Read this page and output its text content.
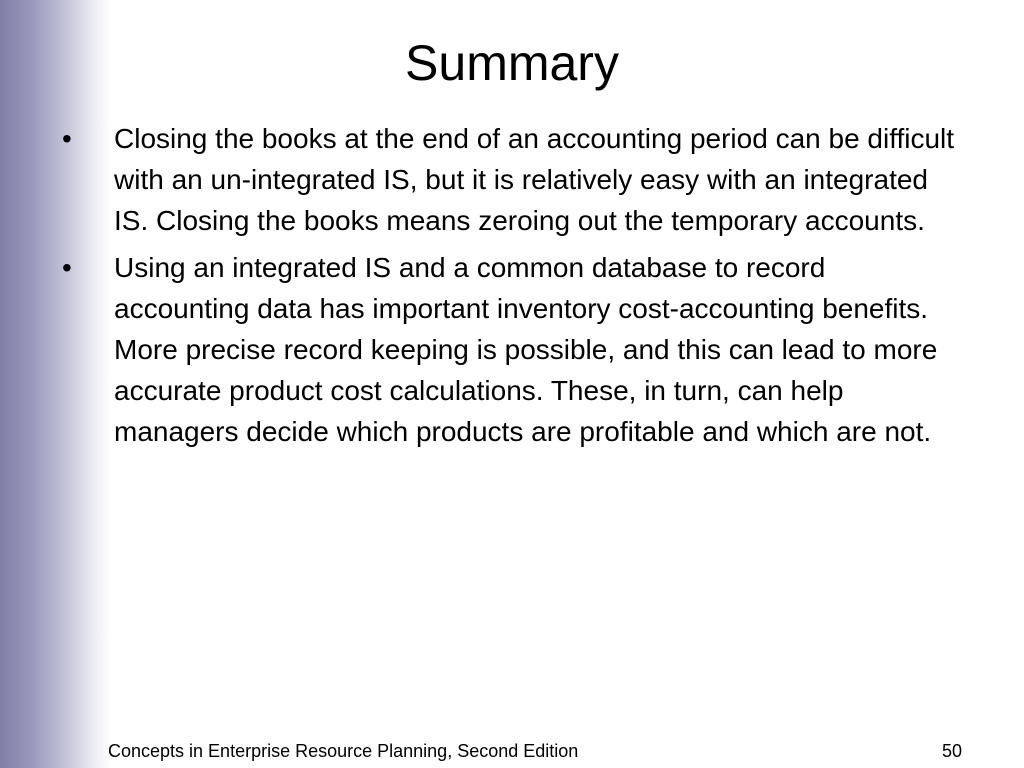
Summary
• Closing the books at the end of an accounting period can be difficult with an un-integrated IS, but it is relatively easy with an integrated IS. Closing the books means zeroing out the temporary accounts.
• Using an integrated IS and a common database to record accounting data has important inventory cost-accounting benefits. More precise record keeping is possible, and this can lead to more accurate product cost calculations. These, in turn, can help managers decide which products are profitable and which are not.
Concepts in Enterprise Resource Planning, Second Edition	50
